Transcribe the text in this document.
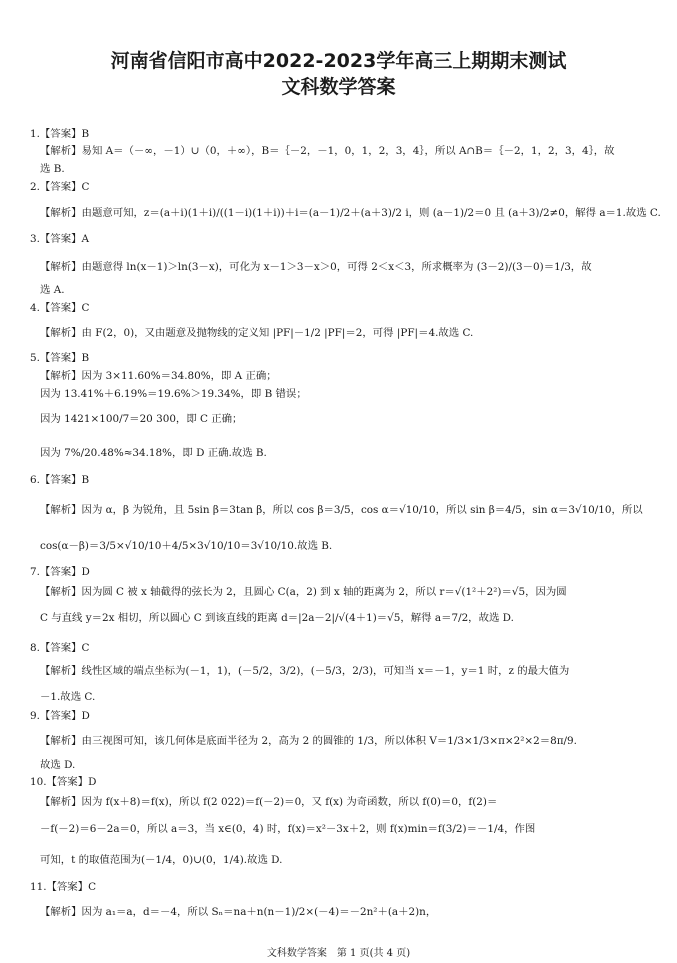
河南省信阳市高中2022-2023学年高三上期期末测试
文科数学答案
1.【答案】B
【解析】易知 A＝（－∞，－1）∪（0，＋∞），B＝｛－2，－1，0，1，2，3，4｝，所以 A∩B＝｛－2，1，2，3，4｝，故
选 B.
2.【答案】C
【解析】由题意可知，z＝(a＋i)(1＋i)/((1－i)(1＋i))＋i＝(a－1)/2＋(a＋3)/2 i，则 (a－1)/2＝0 且 (a＋3)/2≠0，解得 a＝1.故选 C.
3.【答案】A
【解析】由题意得 ln(x－1)＞ln(3－x)，可化为 x－1＞3－x＞0，可得 2＜x＜3，所求概率为 (3－2)/(3－0)＝1/3，故
选 A.
4.【答案】C
【解析】由 F(2，0)，又由题意及抛物线的定义知 |PF|－1/2 |PF|＝2，可得 |PF|＝4.故选 C.
5.【答案】B
【解析】因为 3×11.60%＝34.80%，即 A 正确；
因为 13.41%＋6.19%＝19.6%＞19.34%，即 B 错误；
因为 1421×100/7＝20 300，即 C 正确；
因为 7%/20.48%≈34.18%，即 D 正确.故选 B.
6.【答案】B
【解析】因为 α，β 为锐角，且 5sin β＝3tan β，所以 cos β＝3/5，cos α＝√10/10，所以 sin β＝4/5，sin α＝3√10/10，所以
cos(α－β)＝3/5×√10/10＋4/5×3√10/10＝3√10/10.故选 B.
7.【答案】D
【解析】因为圆 C 被 x 轴截得的弦长为 2，且圆心 C(a，2) 到 x 轴的距离为 2，所以 r＝√(1²＋2²)＝√5，因为圆
C 与直线 y＝2x 相切，所以圆心 C 到该直线的距离 d＝|2a－2|/√(4＋1)＝√5，解得 a＝7/2，故选 D.
8.【答案】C
【解析】线性区域的端点坐标为(－1，1)，(－5/2，3/2)，(－5/3，2/3)，可知当 x＝－1，y＝1 时，z 的最大值为
－1.故选 C.
9.【答案】D
【解析】由三视图可知，该几何体是底面半径为 2，高为 2 的圆锥的 1/3，所以体积 V＝1/3×1/3×π×2²×2＝8π/9.
故选 D.
10.【答案】D
【解析】因为 f(x＋8)＝f(x)，所以 f(2 022)＝f(－2)＝0，又 f(x) 为奇函数，所以 f(0)＝0，f(2)＝
－f(－2)＝6－2a＝0，所以 a＝3，当 x∈(0，4) 时，f(x)＝x²－3x＋2，则 f(x)min＝f(3/2)＝－1/4，作图
可知，t 的取值范围为(－1/4，0)∪(0，1/4).故选 D.
11.【答案】C
【解析】因为 a₁＝a，d＝－4，所以 Sₙ＝na＋n(n－1)/2×(－4)＝－2n²＋(a＋2)n，
文科数学答案　第 1 页(共 4 页)
